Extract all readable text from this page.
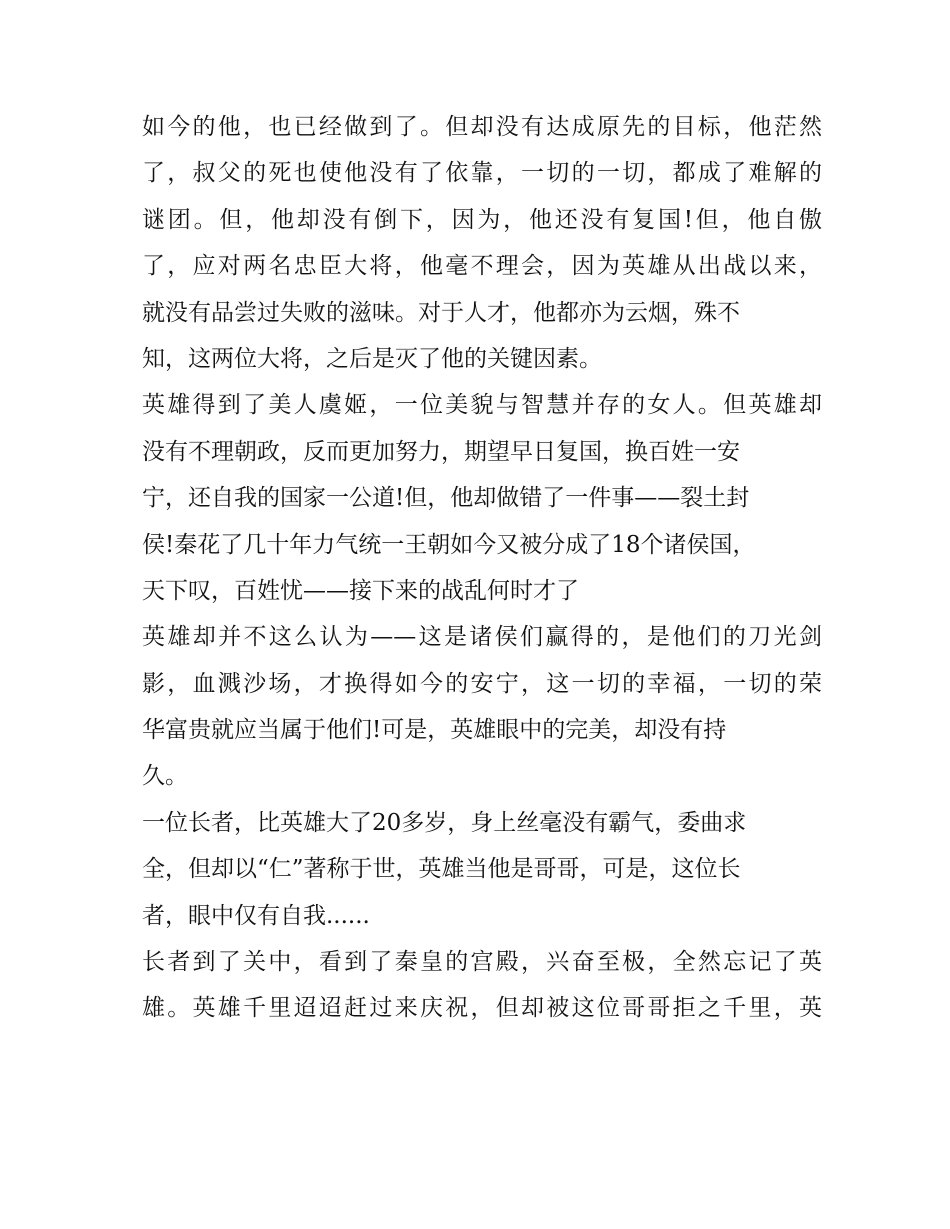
如今的他，也已经做到了。但却没有达成原先的目标，他茫然
了，叔父的死也使他没有了依靠，一切的一切，都成了难解的
谜团。但，他却没有倒下，因为，他还没有复国!但，他自傲
了，应对两名忠臣大将，他毫不理会，因为英雄从出战以来，
就没有品尝过失败的滋味。对于人才，他都亦为云烟，殊不
知，这两位大将，之后是灭了他的关键因素。
英雄得到了美人虞姬，一位美貌与智慧并存的女人。但英雄却
没有不理朝政，反而更加努力，期望早日复国，换百姓一安
宁，还自我的国家一公道!但，他却做错了一件事——裂土封
侯!秦花了几十年力气统一王朝如今又被分成了18个诸侯国，
天下叹，百姓忧——接下来的战乱何时才了
英雄却并不这么认为——这是诸侯们赢得的，是他们的刀光剑
影，血溅沙场，才换得如今的安宁，这一切的幸福，一切的荣
华富贵就应当属于他们!可是，英雄眼中的完美，却没有持
久。
一位长者，比英雄大了20多岁，身上丝毫没有霸气，委曲求
全，但却以“仁”著称于世，英雄当他是哥哥，可是，这位长
者，眼中仅有自我......
长者到了关中，看到了秦皇的宫殿，兴奋至极，全然忘记了英
雄。英雄千里迢迢赶过来庆祝，但却被这位哥哥拒之千里，英
